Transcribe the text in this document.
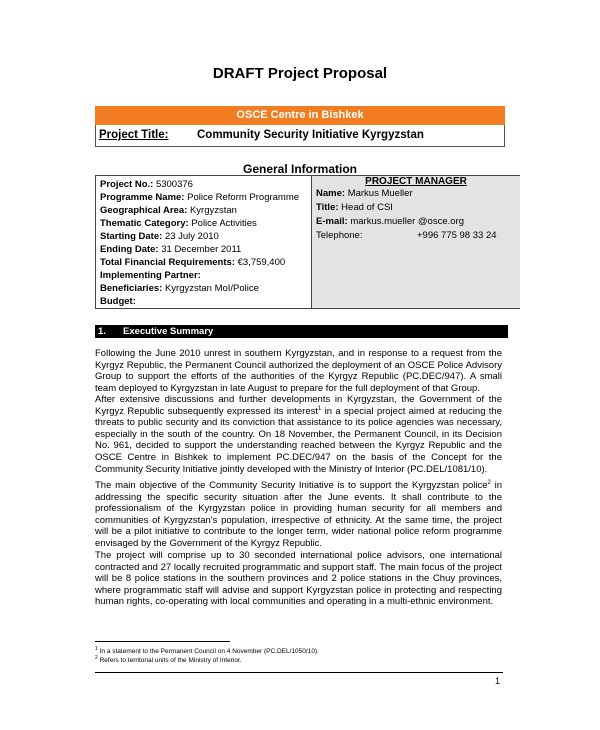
DRAFT Project Proposal
OSCE Centre in Bishkek
Project Title: Community Security Initiative Kyrgyzstan
General Information
Project No.: 5300376
Programme Name: Police Reform Programme
Geographical Area: Kyrgyzstan
Thematic Category: Police Activities
Starting Date: 23 July 2010
Ending Date: 31 December 2011
Total Financial Requirements: €3,759,400
Implementing Partner:
Beneficiaries: Kyrgyzstan MoI/Police
Budget:
PROJECT MANAGER
Name: Markus Mueller
Title: Head of CSI
E-mail: markus.mueller @osce.org
Telephone:	+996 775 98 33 24
1. Executive Summary

Following the June 2010 unrest in southern Kyrgyzstan, and in response to a request from the Kyrgyz Republic, the Permanent Council authorized the deployment of an OSCE Police Advisory Group to support the efforts of the authorities of the Kyrgyz Republic (PC.DEC/947). A small team deployed to Kyrgyzstan in late August to prepare for the full deployment of that Group.

After extensive discussions and further developments in Kyrgyzstan, the Government of the Kyrgyz Republic subsequently expressed its interest$^1$ in a special project aimed at reducing the threats to public security and its conviction that assistance to its police agencies was necessary, especially in the south of the country. On 18 November, the Permanent Council, in its Decision No. 961, decided to support the understanding reached between the Kyrgyz Republic and the OSCE Centre in Bishkek to implement PC.DEC/947 on the basis of the Concept for the Community Security Initiative jointly developed with the Ministry of Interior (PC.DEL/1081/10).

The main objective of the Community Security Initiative is to support the Kyrgyzstan police$^2$ in addressing the specific security situation after the June events. It shall contribute to the professionalism of the Kyrgyzstan police in providing human security for all members and communities of Kyrgyzstan's population, irrespective of ethnicity. At the same time, the project will be a pilot initiative to contribute to the longer term, wider national police reform programme envisaged by the Government of the Kyrgyz Republic.

The project will comprise up to 30 seconded international police advisors, one international contracted and 27 locally recruited programmatic and support staff. The main focus of the project will be 8 police stations in the southern provinces and 2 police stations in the Chuy provinces, where programmatic staff will advise and support Kyrgyzstan police in protecting and respecting human rights, co-operating with local communities and operating in a multi-ethnic environment.

$^1$ In a statement to the Permanent Council on 4 November (PC.DEL/1050/10).
$^2$ Refers to territorial units of the Ministry of Interior.
1
